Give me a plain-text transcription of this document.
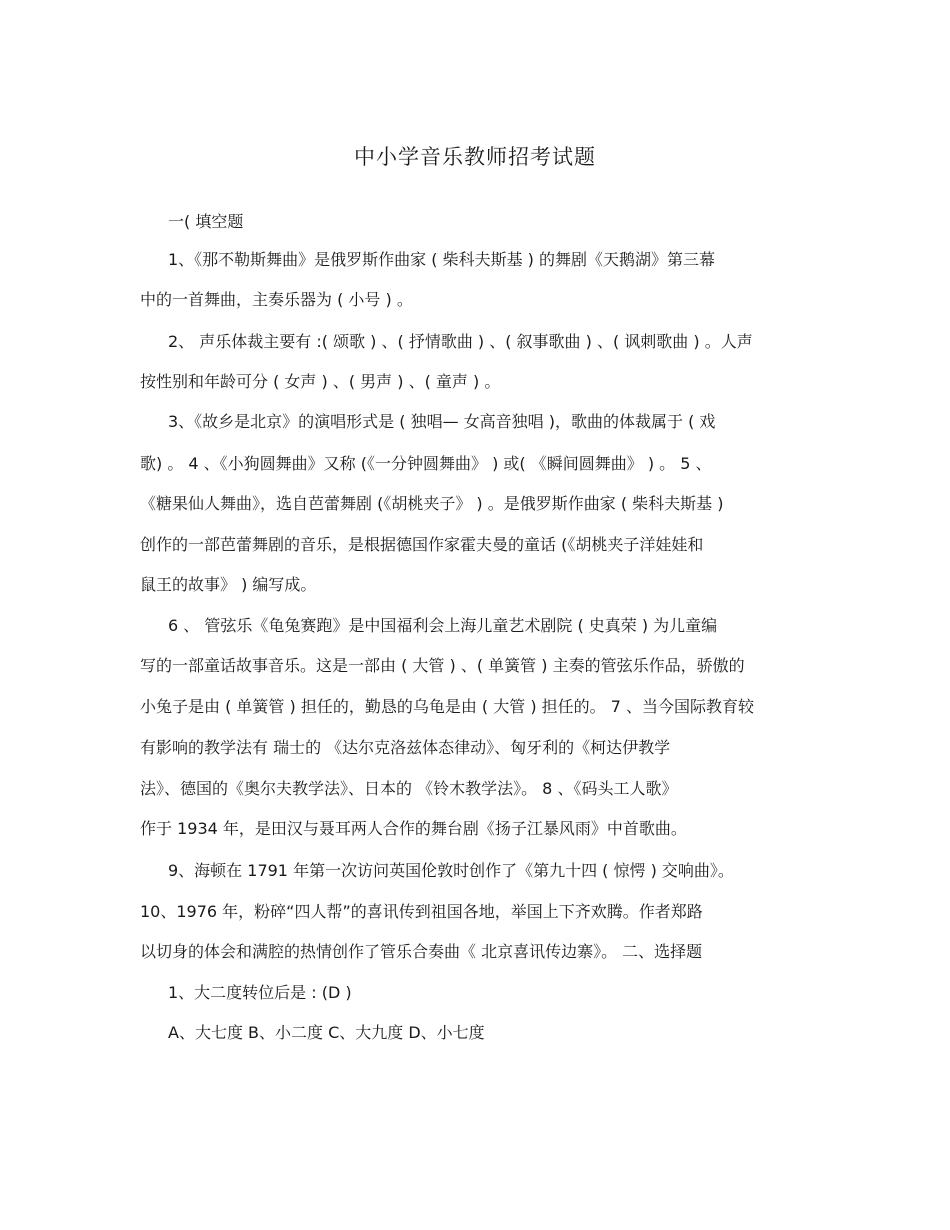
中小学音乐教师招考试题
一( 填空题
1、《那不勒斯舞曲》是俄罗斯作曲家 ( 柴科夫斯基 ) 的舞剧《天鹅湖》第三幕
中的一首舞曲，主奏乐器为 ( 小号 ) 。
2、 声乐体裁主要有 :( 颂歌 ) 、( 抒情歌曲 ) 、( 叙事歌曲 ) 、( 讽刺歌曲 ) 。人声
按性别和年龄可分 ( 女声 ) 、( 男声 ) 、( 童声 ) 。
3、《故乡是北京》的演唱形式是 ( 独唱— 女高音独唱 )，歌曲的体裁属于 ( 戏
歌) 。 4 、《小狗圆舞曲》又称 (《一分钟圆舞曲》 ) 或( 《瞬间圆舞曲》 ) 。 5 、
《糖果仙人舞曲》，选自芭蕾舞剧 (《胡桃夹子》 ) 。是俄罗斯作曲家 ( 柴科夫斯基 )
创作的一部芭蕾舞剧的音乐，是根据德国作家霍夫曼的童话 (《胡桃夹子洋娃娃和
鼠王的故事》 ) 编写成。
6 、 管弦乐《龟兔赛跑》是中国福利会上海儿童艺术剧院 ( 史真荣 ) 为儿童编
写的一部童话故事音乐。这是一部由 ( 大管 ) 、( 单簧管 ) 主奏的管弦乐作品，骄傲的
小兔子是由 ( 单簧管 ) 担任的，勤恳的乌龟是由 ( 大管 ) 担任的。 7 、当今国际教育较
有影响的教学法有 瑞士的 《达尔克洛兹体态律动》、匈牙利的《柯达伊教学
法》、德国的《奥尔夫教学法》、日本的 《铃木教学法》。 8 、《码头工人歌》
作于 1934 年，是田汉与聂耳两人合作的舞台剧《扬子江暴风雨》中首歌曲。
9、海顿在 1791 年第一次访问英国伦敦时创作了《第九十四 ( 惊愕 ) 交响曲》。
10、1976 年，粉碎“四人帮”的喜讯传到祖国各地，举国上下齐欢腾。作者郑路
以切身的体会和满腔的热情创作了管乐合奏曲《 北京喜讯传边寨》。 二、选择题
1、大二度转位后是 : (D )
A、大七度 B、小二度 C、大九度 D、小七度
